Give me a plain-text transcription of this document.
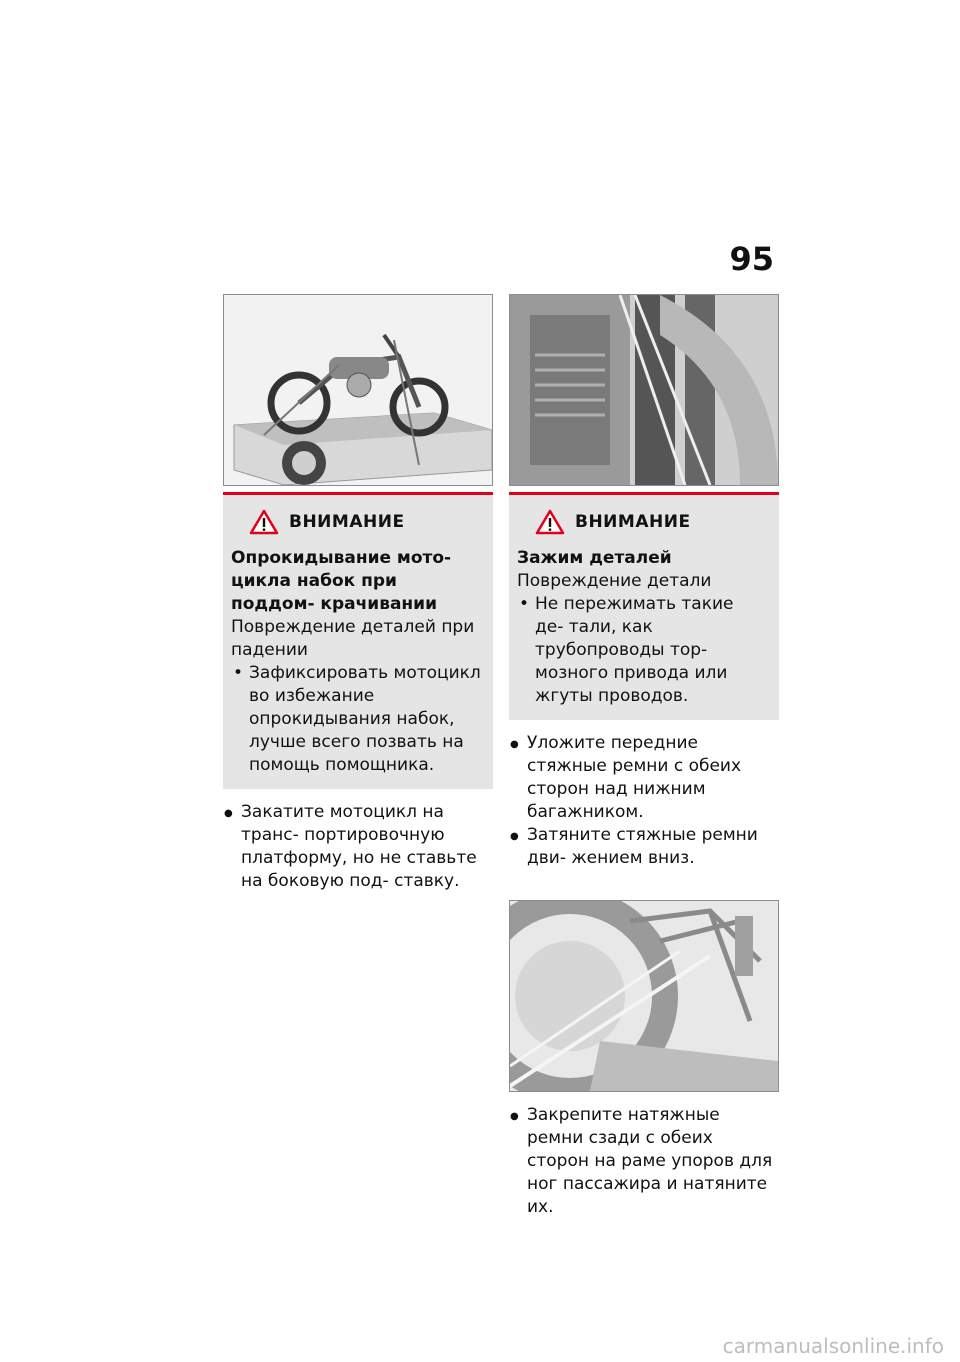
95
ВНИМАНИЕ
Опрокидывание мото- цикла набок при поддом- крачивании
Повреждение деталей при падении
• Зафиксировать мотоцикл во избежание опрокидывания набок, лучше всего позвать на помощь помощника.
● Закатите мотоцикл на транс- портировочную платформу, но не ставьте на боковую под- ставку.
ВНИМАНИЕ
Зажим деталей
Повреждение детали
• Не пережимать такие де- тали, как трубопроводы тор- мозного привода или жгуты проводов.
● Уложите передние стяжные ремни с обеих сторон над нижним багажником.
● Затяните стяжные ремни дви- жением вниз.
● Закрепите натяжные ремни сзади с обеих сторон на раме упоров для ног пассажира и натяните их.
carmanualsonline.info
